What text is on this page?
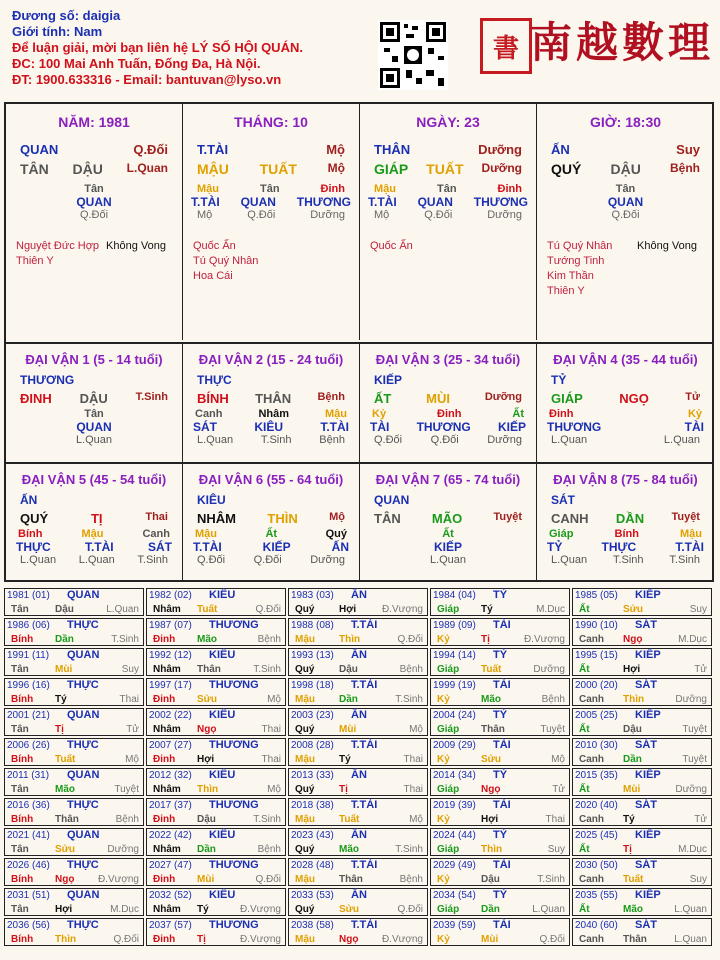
Đương số: daigia
Giới tính: Nam
Để luận giải, mời bạn liên hệ LÝ SỐ HỘI QUÁN.
ĐC: 100 Mai Anh Tuấn, Đống Đa, Hà Nội.
ĐT: 1900.633316 - Email: bantuvan@lyso.vn
書 南越數理
NĂM: 1981
QUAN	Q.Đối
TÂN DẬU L.Quan
Tân
QUAN
Q.Đối
Nguyệt Đức Hợp Không Vong
Thiên Y
THÁNG: 10
T.TÀI	Mộ
MẬU TUẤT	Mộ
Mậu	Tân	Đinh
T.TÀI QUAN THƯƠNG
Mộ	Q.Đối	Dưỡng
Quốc Ấn
Tú Quý Nhân
Hoa Cái
NGÀY: 23
THÂN	Dưỡng
GIÁP TUẤT Dưỡng
Mậu	Tân	Đinh
T.TÀI QUAN THƯƠNG
Mộ	Q.Đối	Dưỡng
Quốc Ấn
GIỜ: 18:30
ẤN	Suy
QUÝ DẬU Bệnh
Tân
QUAN
Q.Đối
Tú Quý Nhân	Không Vong
Tướng Tinh
Kim Thần
Thiên Y
ĐẠI VẬN 1 (5 - 14 tuổi)
THƯƠNG
ĐINH DẬU	T.Sinh
Tân
QUAN
L.Quan
ĐẠI VẬN 2 (15 - 24 tuổi)
THỰC
BÍNH THÂN Bệnh
Canh	Nhâm	Mậu
SÁT	KIÊU	T.TÀI
L.Quan	T.Sinh	Bệnh
ĐẠI VẬN 3 (25 - 34 tuổi)
KIẾP
ẤT	MÙI	Dưỡng
Kỷ	Đinh	Ất
TÀI THƯƠNG KIẾP
Q.Đối	Q.Đối	Dưỡng
ĐẠI VẬN 4 (35 - 44 tuổi)
TỶ
GIÁP	NGỌ	Tử
Đinh	Kỷ
THƯƠNG	TÀI
L.Quan	L.Quan
ĐẠI VẬN 5 (45 - 54 tuổi)
ẤN
QUÝ	TỊ	Thai
Bính	Mậu	Canh
THỰC	T.TÀI	SÁT
L.Quan L.Quan T.Sinh
ĐẠI VẬN 6 (55 - 64 tuổi)
KIÊU
NHÂM THÌN	Mộ
Mậu	Ất	Quý
T.TÀI	KIẾP	ẤN
Q.Đối	Q.Đối	Dưỡng
ĐẠI VẬN 7 (65 - 74 tuổi)
QUAN
TÂN MÃO	Tuyệt
Ất
KIẾP
L.Quan
ĐẠI VẬN 8 (75 - 84 tuổi)
SÁT
CANH DẦN Tuyệt
Giáp	Bính	Mậu
TỶ	THỰC	T.TÀI
L.Quan T.Sinh T.Sinh
1981 (01) QUAN
Tân	Dậu	L.Quan
1982 (02) KIÊU
Nhâm Tuất	Q.Đối
1983 (03) ẤN
Quý Hợi	Đ.Vượng
1984 (04) TỶ
Giáp Tý	M.Dục
1985 (05) KIẾP
Ất	Sửu	Suy
1986 (06) THỰC
Bính Dần	T.Sinh
1987 (07) THƯƠNG
Đinh Mão	Bệnh
1988 (08) T.TÀI
Mậu Thìn	Q.Đối
1989 (09) TÀI
Kỷ	Tị	Đ.Vượng
1990 (10) SÁT
Canh Ngọ	M.Dục
1991 (11) QUAN
Tân	Mùi	Suy
1992 (12) KIÊU
Nhâm Thân	T.Sinh
1993 (13) ẤN
Quý Dậu	Bệnh
1994 (14) TỶ
Giáp Tuất	Dưỡng
1995 (15) KIẾP
Ất	Hợi	Tử
1996 (16) THỰC
Bính Tý	Thai
1997 (17) THƯƠNG
Đinh Sửu	Mộ
1998 (18) T.TÀI
Mậu Dần	T.Sinh
1999 (19) TÀI
Kỷ	Mão	Bệnh
2000 (20) SÁT
Canh Thìn	Dưỡng
2001 (21) QUAN
Tân	Tị	Tử
2002 (22) KIÊU
Nhâm Ngọ	Thai
2003 (23) ẤN
Quý Mùi	Mộ
2004 (24) TỶ
Giáp Thân	Tuyệt
2005 (25) KIẾP
Ất	Dậu	Tuyệt
2006 (26) THỰC
Bính Tuất	Mộ
2007 (27) THƯƠNG
Đinh Hợi	Thai
2008 (28) T.TÀI
Mậu Tý	Thai
2009 (29) TÀI
Kỷ	Sửu	Mộ
2010 (30) SÁT
Canh Dần	Tuyệt
2011 (31) QUAN
Tân	Mão	Tuyệt
2012 (32) KIÊU
Nhâm Thìn	Mộ
2013 (33) ẤN
Quý Tị	Thai
2014 (34) TỶ
Giáp Ngọ	Tử
2015 (35) KIẾP
Ất	Mùi	Dưỡng
2016 (36) THỰC
Bính Thân	Bệnh
2017 (37) THƯƠNG
Đinh Dậu	T.Sinh
2018 (38) T.TÀI
Mậu Tuất	Mộ
2019 (39) TÀI
Kỷ	Hợi	Thai
2020 (40) SÁT
Canh Tý	Tử
2021 (41) QUAN
Tân	Sửu	Dưỡng
2022 (42) KIÊU
Nhâm Dần	Bệnh
2023 (43) ẤN
Quý Mão	T.Sinh
2024 (44) TỶ
Giáp Thìn	Suy
2025 (45) KIẾP
Ất	Tị	M.Dục
2026 (46) THỰC
Bính Ngọ Đ.Vượng
2027 (47) THƯƠNG
Đinh Mùi	Q.Đối
2028 (48) T.TÀI
Mậu Thân	Bệnh
2029 (49) TÀI
Kỷ	Dậu	T.Sinh
2030 (50) SÁT
Canh Tuất	Suy
2031 (51) QUAN
Tân	Hợi	M.Dục
2032 (52) KIÊU
Nhâm Tý	Đ.Vượng
2033 (53) ẤN
Quý Sửu	Q.Đối
2034 (54) TỶ
Giáp Dần	L.Quan
2035 (55) KIẾP
Ất	Mão	L.Quan
2036 (56) THỰC
Bính Thìn	Q.Đối
2037 (57) THƯƠNG
Đinh Tị	Đ.Vượng
2038 (58) T.TÀI
Mậu Ngọ Đ.Vượng
2039 (59) TÀI
Kỷ	Mùi	Q.Đối
2040 (60) SÁT
Canh Thân	L.Quan
